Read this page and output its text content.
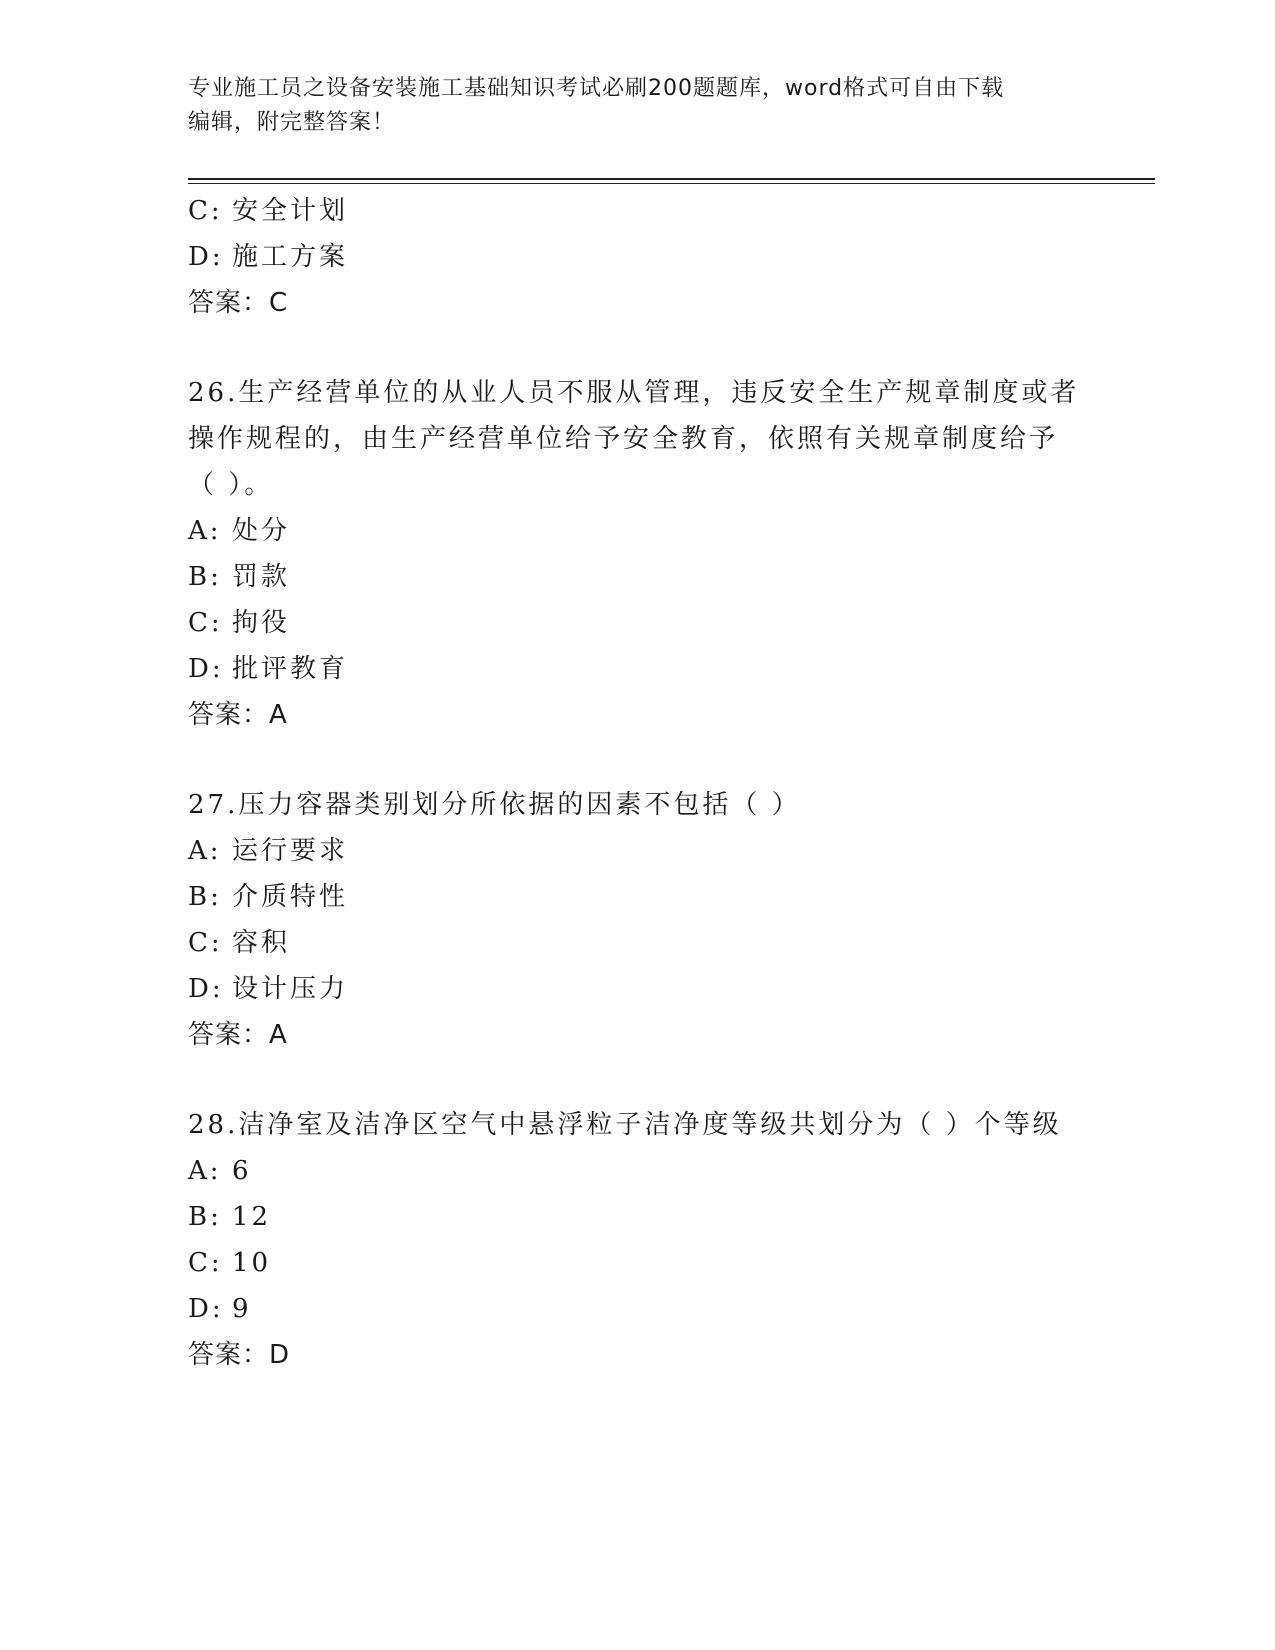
专业施工员之设备安装施工基础知识考试必刷200题题库，word格式可自由下载
编辑，附完整答案！
C: 安全计划
D: 施工方案
答案：C
26.生产经营单位的从业人员不服从管理，违反安全生产规章制度或者
操作规程的，由生产经营单位给予安全教育，依照有关规章制度给予
（ ）。
A: 处分
B: 罚款
C: 拘役
D: 批评教育
答案：A
27.压力容器类别划分所依据的因素不包括（ ）
A: 运行要求
B: 介质特性
C: 容积
D: 设计压力
答案：A
28.洁净室及洁净区空气中悬浮粒子洁净度等级共划分为（ ）个等级
A: 6
B: 12
C: 10
D: 9
答案：D
